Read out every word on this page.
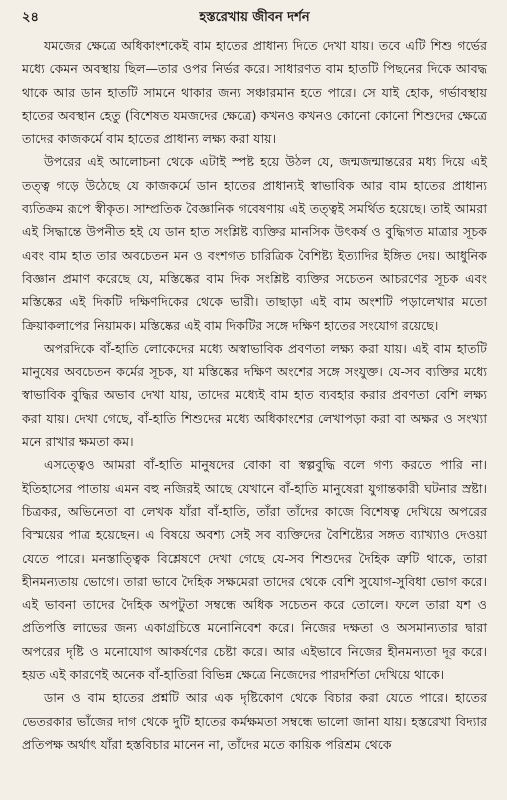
২৪	হস্তরেখায় জীবন দর্শন

যমজের ক্ষেত্রে অধিকাংশকেই বাম হাতের প্রাধান্য দিতে দেখা যায়। তবে এটি শিশু গর্ভের মধ্যে কেমন অবস্থায় ছিল—তার ওপর নির্ভর করে। সাধারণত বাম হাতটি পিছনের দিকে আবদ্ধ থাকে আর ডান হাতটি সামনে থাকার জন্য সঞ্চারমান হতে পারে। সে যাই হোক, গর্ভাবস্থায় হাতের অবস্থান হেতু (বিশেষত যমজদের ক্ষেত্রে) কখনও কখনও কোনো কোনো শিশুদের ক্ষেত্রে তাদের কাজকর্মে বাম হাতের প্রাধান্য লক্ষ্য করা যায়।

উপরের এই আলোচনা থেকে এটাই স্পষ্ট হয়ে উঠল যে, জন্মজন্মান্তরের মধ্য দিয়ে এই তত্ত্ব গড়ে উঠেছে যে কাজকর্মে ডান হাতের প্রাধান্যই স্বাভাবিক আর বাম হাতের প্রাধান্য ব্যতিক্রম রূপে স্বীকৃত। সাম্প্রতিক বৈজ্ঞানিক গবেষণায় এই তত্ত্বই সমর্থিত হয়েছে। তাই আমরা এই সিদ্ধান্তে উপনীত হই যে ডান হাত সংশ্লিষ্ট ব্যক্তির মানসিক উৎকর্ষ ও বুদ্ধিগত মাত্রার সূচক এবং বাম হাত তার অবচেতন মন ও বংশগত চারিত্রিক বৈশিষ্ট্য ইত্যাদির ইঙ্গিত দেয়। আধুনিক বিজ্ঞান প্রমাণ করেছে যে, মস্তিষ্কের বাম দিক সংশ্লিষ্ট ব্যক্তির সচেতন আচরণের সূচক এবং মস্তিষ্কের এই দিকটি দক্ষিণদিকের থেকে ভারী। তাছাড়া এই বাম অংশটি পড়ালেখার মতো ক্রিয়াকলাপের নিয়ামক। মস্তিষ্কের এই বাম দিকটির সঙ্গে দক্ষিণ হাতের সংযোগ রয়েছে।

অপরদিকে বাঁ-হাতি লোকেদের মধ্যে অস্বাভাবিক প্রবণতা লক্ষ্য করা যায়। এই বাম হাতটি মানুষের অবচেতন কর্মের সূচক, যা মস্তিষ্কের দক্ষিণ অংশের সঙ্গে সংযুক্ত। যে-সব ব্যক্তির মধ্যে স্বাভাবিক বুদ্ধির অভাব দেখা যায়, তাদের মধ্যেই বাম হাত ব্যবহার করার প্রবণতা বেশি লক্ষ্য করা যায়। দেখা গেছে, বাঁ-হাতি শিশুদের মধ্যে অধিকাংশের লেখাপড়া করা বা অক্ষর ও সংখ্যা মনে রাখার ক্ষমতা কম।

এসত্ত্বেও আমরা বাঁ-হাতি মানুষদের বোকা বা স্বল্পবুদ্ধি বলে গণ্য করতে পারি না। ইতিহাসের পাতায় এমন বহু নজিরই আছে যেখানে বাঁ-হাতি মানুষেরা যুগান্তকারী ঘটনার স্রষ্টা। চিত্রকর, অভিনেতা বা লেখক যাঁরা বাঁ-হাতি, তাঁরা তাঁদের কাজে বিশেষত্ব দেখিয়ে অপরের বিস্ময়ের পাত্র হয়েছেন। এ বিষয়ে অবশ্য সেই সব ব্যক্তিদের বৈশিষ্ট্যের সঙ্গত ব্যাখ্যাও দেওয়া যেতে পারে। মনস্তাত্ত্বিক বিশ্লেষণে দেখা গেছে যে-সব শিশুদের দৈহিক ত্রুটি থাকে, তারা হীনমন্যতায় ভোগে। তারা ভাবে দৈহিক সক্ষমেরা তাদের থেকে বেশি সুযোগ-সুবিধা ভোগ করে। এই ভাবনা তাদের দৈহিক অপটুতা সম্বন্ধে অধিক সচেতন করে তোলে। ফলে তারা যশ ও প্রতিপত্তি লাভের জন্য একাগ্রচিত্তে মনোনিবেশ করে। নিজের দক্ষতা ও অসমান্যতার দ্বারা অপরের দৃষ্টি ও মনোযোগ আকর্ষণের চেষ্টা করে। আর এইভাবে নিজের হীনমন্যতা দূর করে। হয়ত এই কারণেই অনেক বাঁ-হাতিরা বিভিন্ন ক্ষেত্রে নিজেদের পারদর্শিতা দেখিয়ে থাকে।

ডান ও বাম হাতের প্রশ্নটি আর এক দৃষ্টিকোণ থেকে বিচার করা যেতে পারে। হাতের ভেতরকার ভাঁজের দাগ থেকে দুটি হাতের কর্মক্ষমতা সম্বন্ধে ভালো জানা যায়। হস্তরেখা বিদ্যার প্রতিপক্ষ অর্থাৎ যাঁরা হস্তবিচার মানেন না, তাঁদের মতে কায়িক পরিশ্রম থেকে
